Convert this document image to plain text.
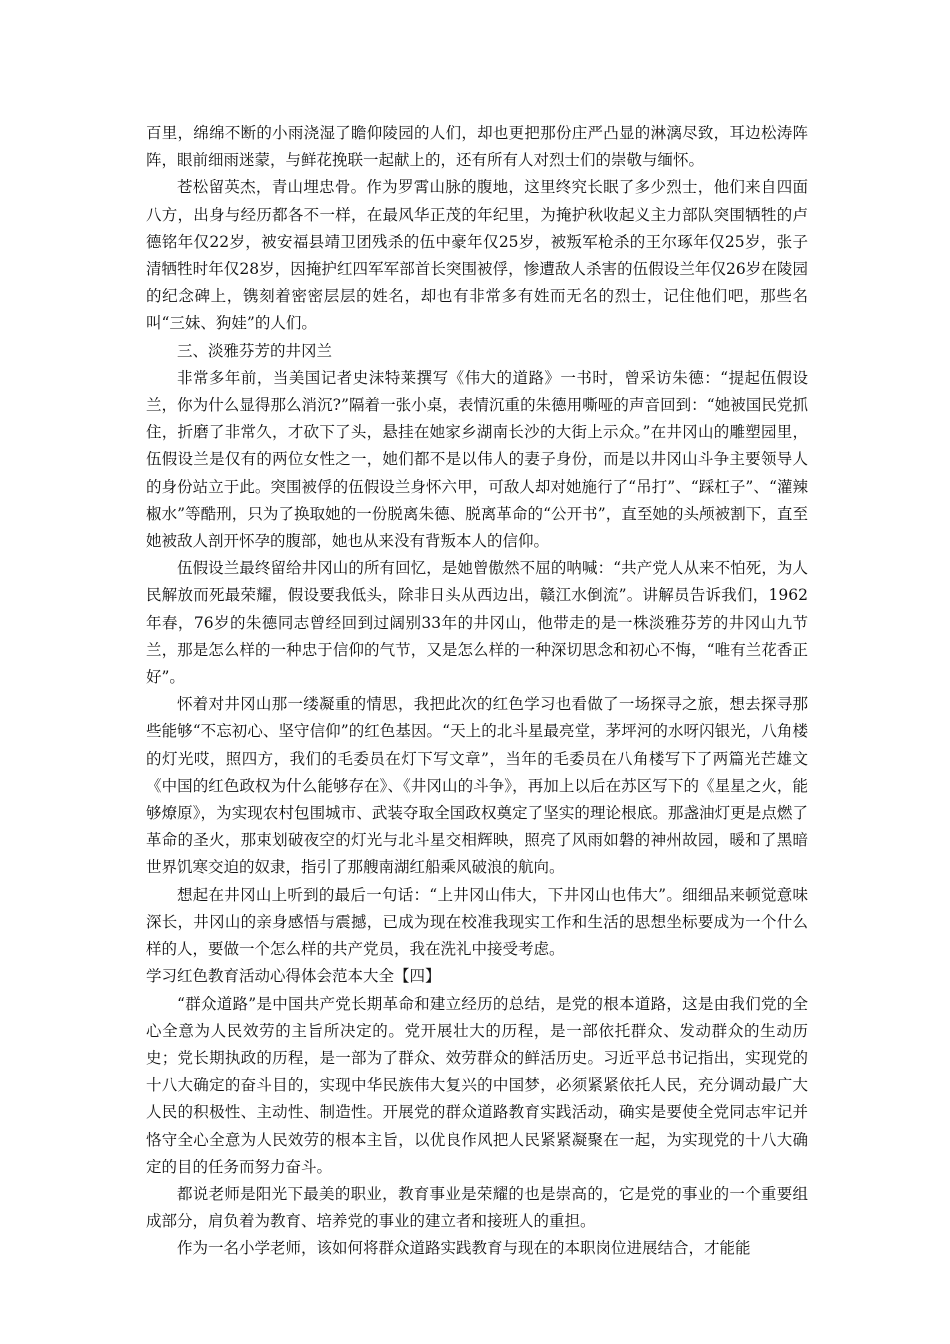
百里，绵绵不断的小雨浇湿了瞻仰陵园的人们，却也更把那份庄严凸显的淋漓尽致，耳边松涛阵阵，眼前细雨迷蒙，与鲜花挽联一起献上的，还有所有人对烈士们的崇敬与缅怀。

苍松留英杰，青山埋忠骨。作为罗霄山脉的腹地，这里终究长眠了多少烈士，他们来自四面八方，出身与经历都各不一样，在最风华正茂的年纪里，为掩护秋收起义主力部队突围牺牲的卢德铭年仅22岁，被安福县靖卫团残杀的伍中豪年仅25岁，被叛军枪杀的王尔琢年仅25岁，张子清牺牲时年仅28岁，因掩护红四军军部首长突围被俘，惨遭敌人杀害的伍假设兰年仅26岁在陵园的纪念碑上，镌刻着密密层层的姓名，却也有非常多有姓而无名的烈士，记住他们吧，那些名叫“三妹、狗娃”的人们。

三、淡雅芬芳的井冈兰

非常多年前，当美国记者史沫特莱撰写《伟大的道路》一书时，曾采访朱德：“提起伍假设兰，你为什么显得那么消沉?”隔着一张小桌，表情沉重的朱德用嘶哑的声音回到：“她被国民党抓住，折磨了非常久，才砍下了头，悬挂在她家乡湖南长沙的大街上示众。”在井冈山的雕塑园里，伍假设兰是仅有的两位女性之一，她们都不是以伟人的妻子身份，而是以井冈山斗争主要领导人的身份站立于此。突围被俘的伍假设兰身怀六甲，可敌人却对她施行了“吊打”、“踩杠子”、“灌辣椒水”等酷刑，只为了换取她的一份脱离朱德、脱离革命的“公开书”，直至她的头颅被割下，直至她被敌人剖开怀孕的腹部，她也从来没有背叛本人的信仰。

伍假设兰最终留给井冈山的所有回忆，是她曾傲然不屈的呐喊：“共产党人从来不怕死，为人民解放而死最荣耀，假设要我低头，除非日头从西边出，赣江水倒流”。讲解员告诉我们，1962年春，76岁的朱德同志曾经回到过阔别33年的井冈山，他带走的是一株淡雅芬芳的井冈山九节兰，那是怎么样的一种忠于信仰的气节，又是怎么样的一种深切思念和初心不悔，“唯有兰花香正好”。

怀着对井冈山那一缕凝重的情思，我把此次的红色学习也看做了一场探寻之旅，想去探寻那些能够“不忘初心、坚守信仰”的红色基因。“天上的北斗星最亮堂，茅坪河的水呀闪银光，八角楼的灯光哎，照四方，我们的毛委员在灯下写文章”，当年的毛委员在八角楼写下了两篇光芒雄文《中国的红色政权为什么能够存在》、《井冈山的斗争》，再加上以后在苏区写下的《星星之火，能够燎原》，为实现农村包围城市、武装夺取全国政权奠定了坚实的理论根底。那盏油灯更是点燃了革命的圣火，那束划破夜空的灯光与北斗星交相辉映，照亮了风雨如磐的神州故园，暖和了黑暗世界饥寒交迫的奴隶，指引了那艘南湖红船乘风破浪的航向。

想起在井冈山上听到的最后一句话：“上井冈山伟大，下井冈山也伟大”。细细品来顿觉意味深长，井冈山的亲身感悟与震撼，已成为现在校准我现实工作和生活的思想坐标要成为一个什么样的人，要做一个怎么样的共产党员，我在洗礼中接受考虑。

学习红色教育活动心得体会范本大全【四】

“群众道路”是中国共产党长期革命和建立经历的总结，是党的根本道路，这是由我们党的全心全意为人民效劳的主旨所决定的。党开展壮大的历程，是一部依托群众、发动群众的生动历史；党长期执政的历程，是一部为了群众、效劳群众的鲜活历史。习近平总书记指出，实现党的十八大确定的奋斗目的，实现中华民族伟大复兴的中国梦，必须紧紧依托人民，充分调动最广大人民的积极性、主动性、制造性。开展党的群众道路教育实践活动，确实是要使全党同志牢记并恪守全心全意为人民效劳的根本主旨，以优良作风把人民紧紧凝聚在一起，为实现党的十八大确定的目的任务而努力奋斗。

都说老师是阳光下最美的职业，教育事业是荣耀的也是崇高的，它是党的事业的一个重要组成部分，肩负着为教育、培养党的事业的建立者和接班人的重担。

作为一名小学老师，该如何将群众道路实践教育与现在的本职岗位进展结合，才能能
